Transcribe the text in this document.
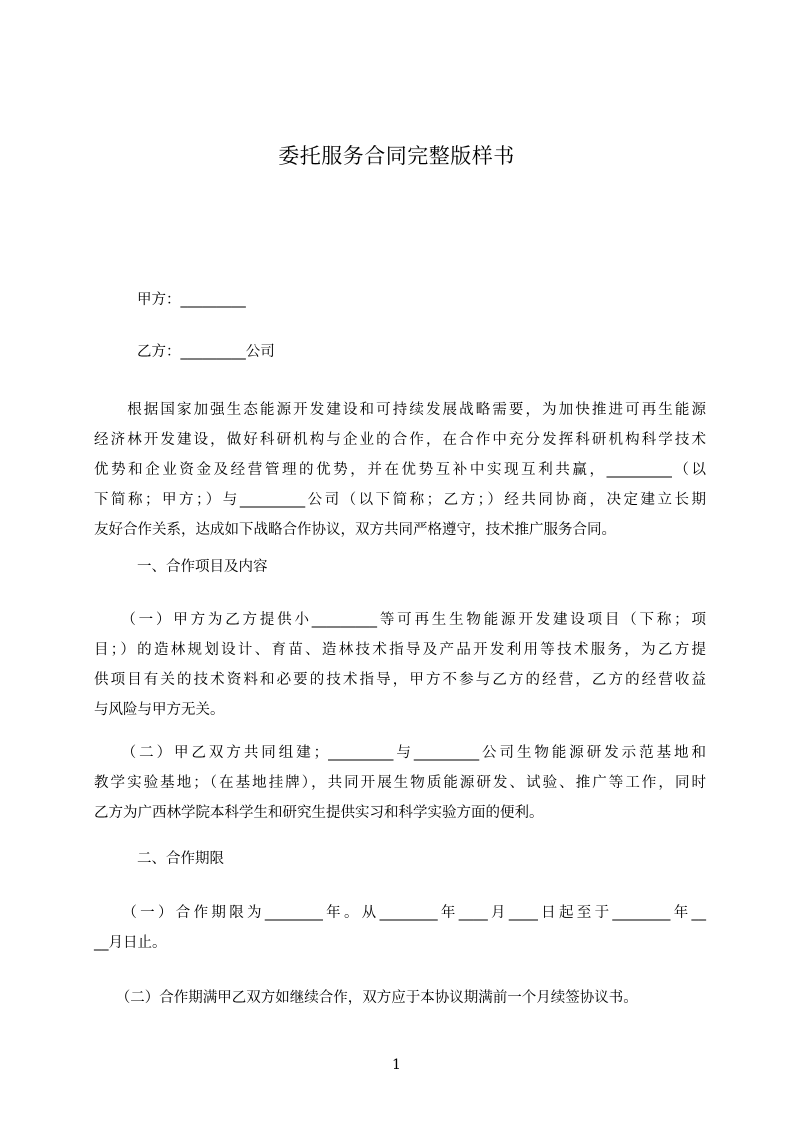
委托服务合同完整版样书
甲方：_________
乙方：_________公司
　　根据国家加强生态能源开发建设和可持续发展战略需要，为加快推进可再生能源
经济林开发建设，做好科研机构与企业的合作，在合作中充分发挥科研机构科学技术
优势和企业资金及经营管理的优势，并在优势互补中实现互利共赢，_________（以
下简称；甲方；）与_________公司（以下简称；乙方；）经共同协商，决定建立长期
友好合作关系，达成如下战略合作协议，双方共同严格遵守，技术推广服务合同。
一、合作项目及内容
　　（一）甲方为乙方提供小_________等可再生生物能源开发建设项目（下称；项
目；）的造林规划设计、育苗、造林技术指导及产品开发利用等技术服务，为乙方提
供项目有关的技术资料和必要的技术指导，甲方不参与乙方的经营，乙方的经营收益
与风险与甲方无关。
　　（二）甲乙双方共同组建；_________与_________公司生物能源研发示范基地和
教学实验基地；（在基地挂牌），共同开展生物质能源研发、试验、推广等工作，同时
乙方为广西林学院本科学生和研究生提供实习和科学实验方面的便利。
二、合作期限
　　（一）合作期限为________年。从________年____月____日起至于________年__
__月日止。
　　（二）合作期满甲乙双方如继续合作，双方应于本协议期满前一个月续签协议书。
1
